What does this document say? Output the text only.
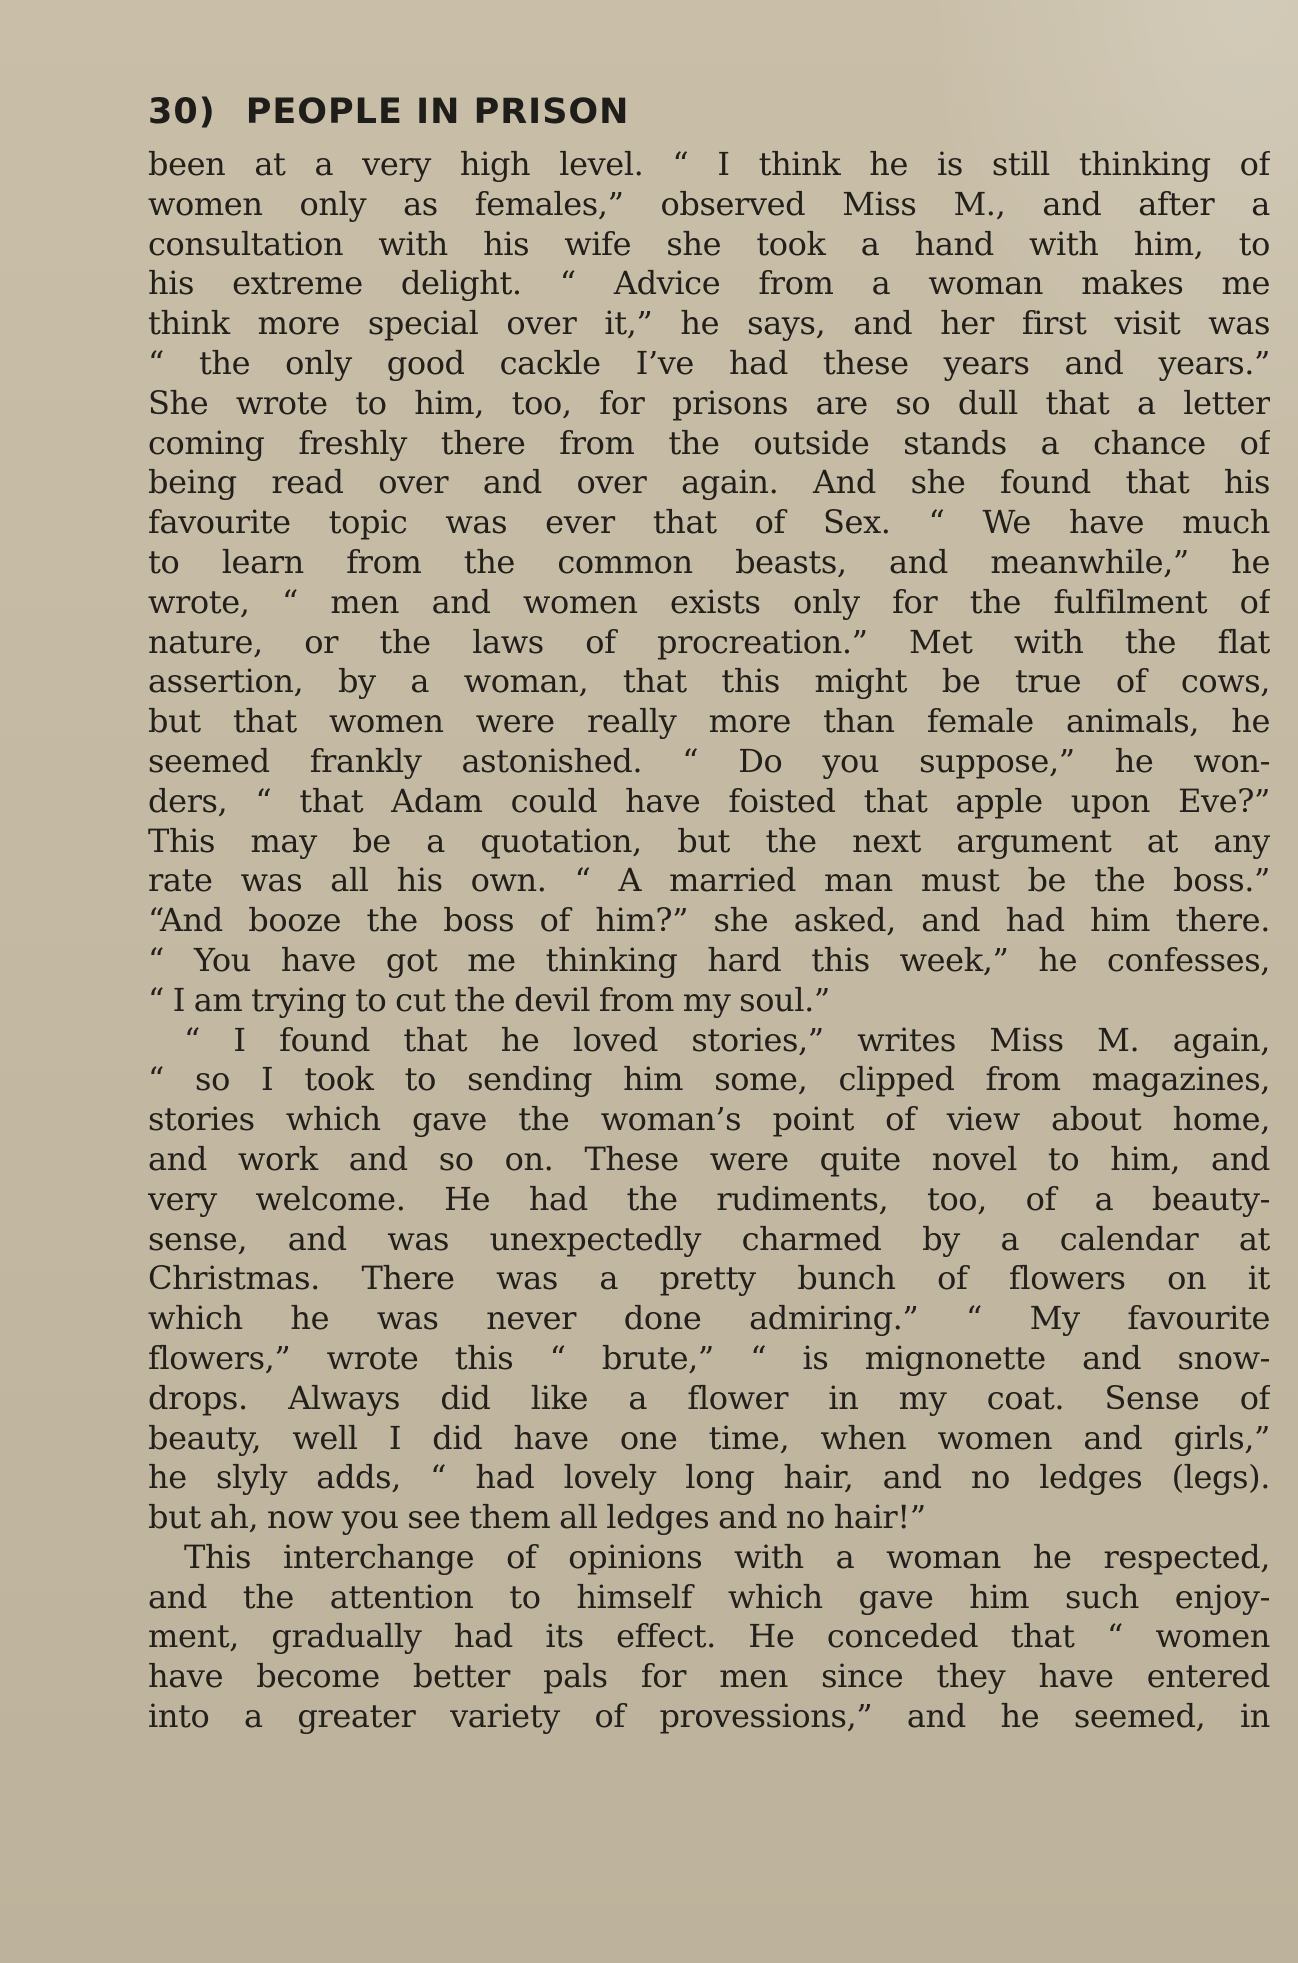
30) PEOPLE IN PRISON
been at a very high level. “ I think he is still thinking of
women only as females,” observed Miss M., and after a
consultation with his wife she took a hand with him, to
his extreme delight. “ Advice from a woman makes me
think more special over it,” he says, and her first visit was
“ the only good cackle I’ve had these years and years.”
She wrote to him, too, for prisons are so dull that a letter
coming freshly there from the outside stands a chance of
being read over and over again. And she found that his
favourite topic was ever that of Sex. “ We have much
to learn from the common beasts, and meanwhile,” he
wrote, “ men and women exists only for the fulfilment of
nature, or the laws of procreation.” Met with the flat
assertion, by a woman, that this might be true of cows,
but that women were really more than female animals, he
seemed frankly astonished. “ Do you suppose,” he won-
ders, “ that Adam could have foisted that apple upon Eve?”
This may be a quotation, but the next argument at any
rate was all his own. “ A married man must be the boss.”
“And booze the boss of him?” she asked, and had him there.
“ You have got me thinking hard this week,” he confesses,
“ I am trying to cut the devil from my soul.”
“ I found that he loved stories,” writes Miss M. again,
“ so I took to sending him some, clipped from magazines,
stories which gave the woman’s point of view about home,
and work and so on. These were quite novel to him, and
very welcome. He had the rudiments, too, of a beauty-
sense, and was unexpectedly charmed by a calendar at
Christmas. There was a pretty bunch of flowers on it
which he was never done admiring.” “ My favourite
flowers,” wrote this “ brute,” “ is mignonette and snow-
drops. Always did like a flower in my coat. Sense of
beauty, well I did have one time, when women and girls,”
he slyly adds, “ had lovely long hair, and no ledges (legs).
but ah, now you see them all ledges and no hair!”
This interchange of opinions with a woman he respected,
and the attention to himself which gave him such enjoy-
ment, gradually had its effect. He conceded that “ women
have become better pals for men since they have entered
into a greater variety of provessions,” and he seemed, in
